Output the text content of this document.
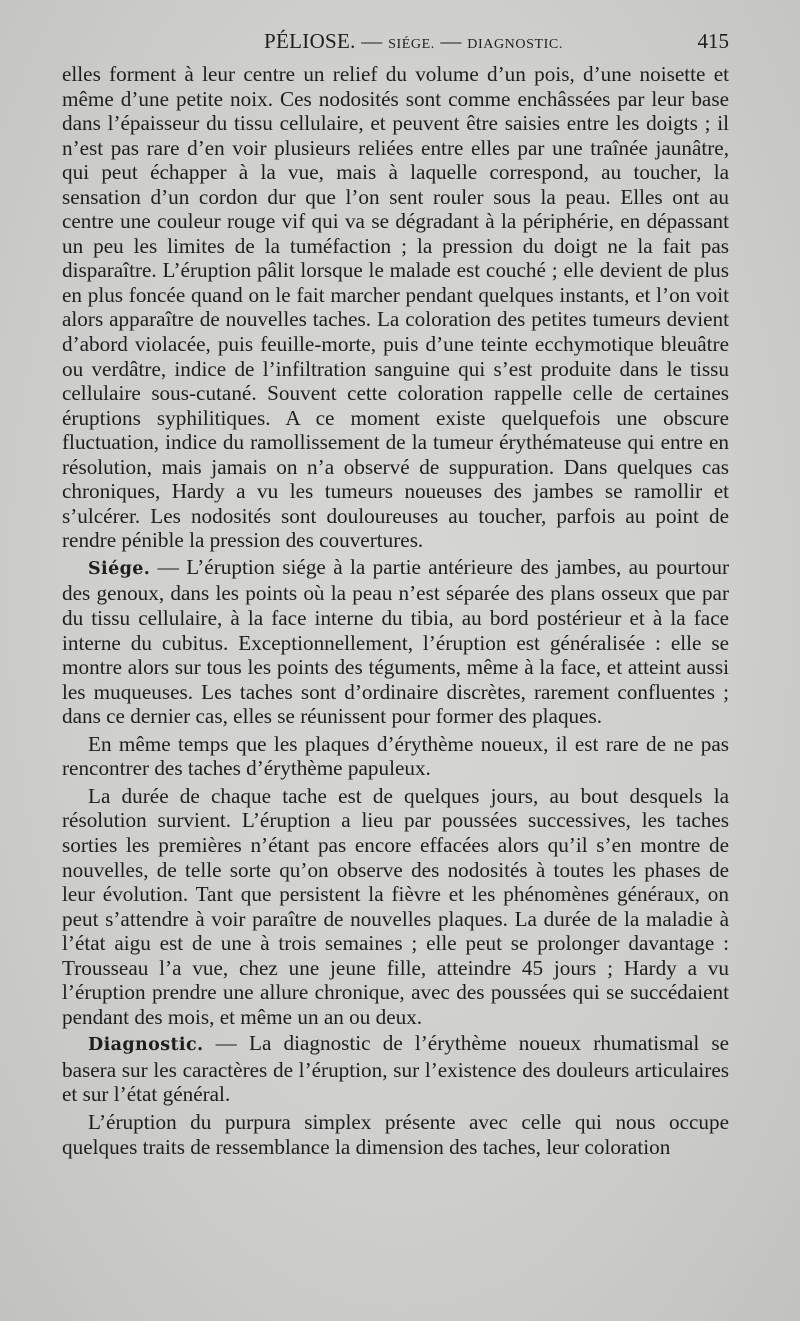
PÉLIOSE. — SIÉGE. — DIAGNOSTIC.	415

elles forment à leur centre un relief du volume d’un pois, d’une noisette et même d’une petite noix. Ces nodosités sont comme enchâssées par leur base dans l’épaisseur du tissu cellulaire, et peuvent être saisies entre les doigts ; il n’est pas rare d’en voir plusieurs reliées entre elles par une traînée jaunâtre, qui peut échapper à la vue, mais à laquelle correspond, au toucher, la sensation d’un cordon dur que l’on sent rouler sous la peau. Elles ont au centre une couleur rouge vif qui va se dégradant à la périphérie, en dépassant un peu les limites de la tuméfaction ; la pression du doigt ne la fait pas disparaître. L’éruption pâlit lorsque le malade est couché ; elle devient de plus en plus foncée quand on le fait marcher pendant quelques instants, et l’on voit alors apparaître de nouvelles taches. La coloration des petites tumeurs devient d’abord violacée, puis feuille-morte, puis d’une teinte ecchymotique bleuâtre ou verdâtre, indice de l’infiltration sanguine qui s’est produite dans le tissu cellulaire sous-cutané. Souvent cette coloration rappelle celle de certaines éruptions syphilitiques. A ce moment existe quelquefois une obscure fluctuation, indice du ramollissement de la tumeur érythémateuse qui entre en résolution, mais jamais on n’a observé de suppuration. Dans quelques cas chroniques, Hardy a vu les tumeurs noueuses des jambes se ramollir et s’ulcérer. Les nodosités sont douloureuses au toucher, parfois au point de rendre pénible la pression des couvertures.

Siége. — L’éruption siége à la partie antérieure des jambes, au pourtour des genoux, dans les points où la peau n’est séparée des plans osseux que par du tissu cellulaire, à la face interne du tibia, au bord postérieur et à la face interne du cubitus. Exceptionnellement, l’éruption est généralisée : elle se montre alors sur tous les points des téguments, même à la face, et atteint aussi les muqueuses. Les taches sont d’ordinaire discrètes, rarement confluentes ; dans ce dernier cas, elles se réunissent pour former des plaques.

En même temps que les plaques d’érythème noueux, il est rare de ne pas rencontrer des taches d’érythème papuleux.

La durée de chaque tache est de quelques jours, au bout desquels la résolution survient. L’éruption a lieu par poussées successives, les taches sorties les premières n’étant pas encore effacées alors qu’il s’en montre de nouvelles, de telle sorte qu’on observe des nodosités à toutes les phases de leur évolution. Tant que persistent la fièvre et les phénomènes généraux, on peut s’attendre à voir paraître de nouvelles plaques. La durée de la maladie à l’état aigu est de une à trois semaines ; elle peut se prolonger davantage : Trousseau l’a vue, chez une jeune fille, atteindre 45 jours ; Hardy a vu l’éruption prendre une allure chronique, avec des poussées qui se succédaient pendant des mois, et même un an ou deux.

Diagnostic. — La diagnostic de l’érythème noueux rhumatismal se basera sur les caractères de l’éruption, sur l’existence des douleurs articulaires et sur l’état général.

L’éruption du purpura simplex présente avec celle qui nous occupe quelques traits de ressemblance la dimension des taches, leur coloration
